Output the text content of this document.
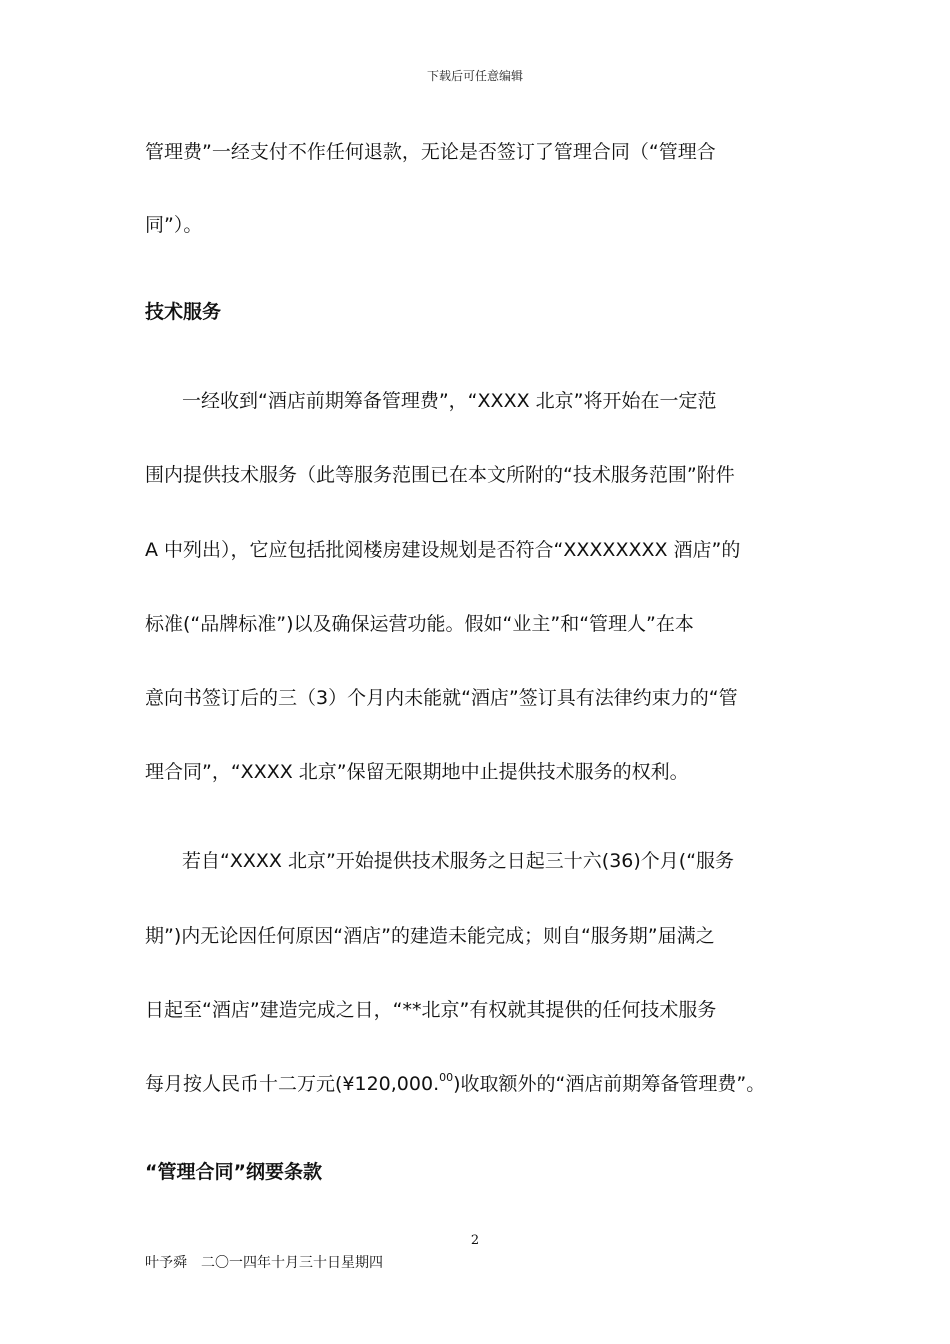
下载后可任意编辑
管理费”一经支付不作任何退款，无论是否签订了管理合同（“管理合
同”）。
技术服务
一经收到“酒店前期筹备管理费”，“XXXX 北京”将开始在一定范
围内提供技术服务（此等服务范围已在本文所附的“技术服务范围”附件
A 中列出），它应包括批阅楼房建设规划是否符合“XXXXXXXX 酒店”的
标准(“品牌标准”)以及确保运营功能。假如“业主”和“管理人”在本
意向书签订后的三（3）个月内未能就“酒店”签订具有法律约束力的“管
理合同”，“XXXX 北京”保留无限期地中止提供技术服务的权利。
若自“XXXX 北京”开始提供技术服务之日起三十六(36)个月(“服务
期”)内无论因任何原因“酒店”的建造未能完成；则自“服务期”届满之
日起至“酒店”建造完成之日，“**北京”有权就其提供的任何技术服务
每月按人民币十二万元(¥120,000.00)收取额外的“酒店前期筹备管理费”。
“管理合同”纲要条款
2
叶予舜　二〇一四年十月三十日星期四
